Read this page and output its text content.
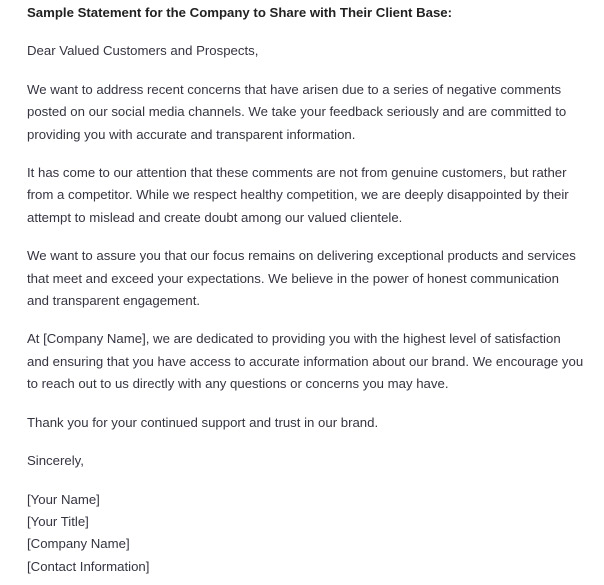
Sample Statement for the Company to Share with Their Client Base:

Dear Valued Customers and Prospects,

We want to address recent concerns that have arisen due to a series of negative comments posted on our social media channels. We take your feedback seriously and are committed to providing you with accurate and transparent information.

It has come to our attention that these comments are not from genuine customers, but rather from a competitor. While we respect healthy competition, we are deeply disappointed by their attempt to mislead and create doubt among our valued clientele.

We want to assure you that our focus remains on delivering exceptional products and services that meet and exceed your expectations. We believe in the power of honest communication and transparent engagement.

At [Company Name], we are dedicated to providing you with the highest level of satisfaction and ensuring that you have access to accurate information about our brand. We encourage you to reach out to us directly with any questions or concerns you may have.

Thank you for your continued support and trust in our brand.

Sincerely,

[Your Name]
[Your Title]
[Company Name]
[Contact Information]
